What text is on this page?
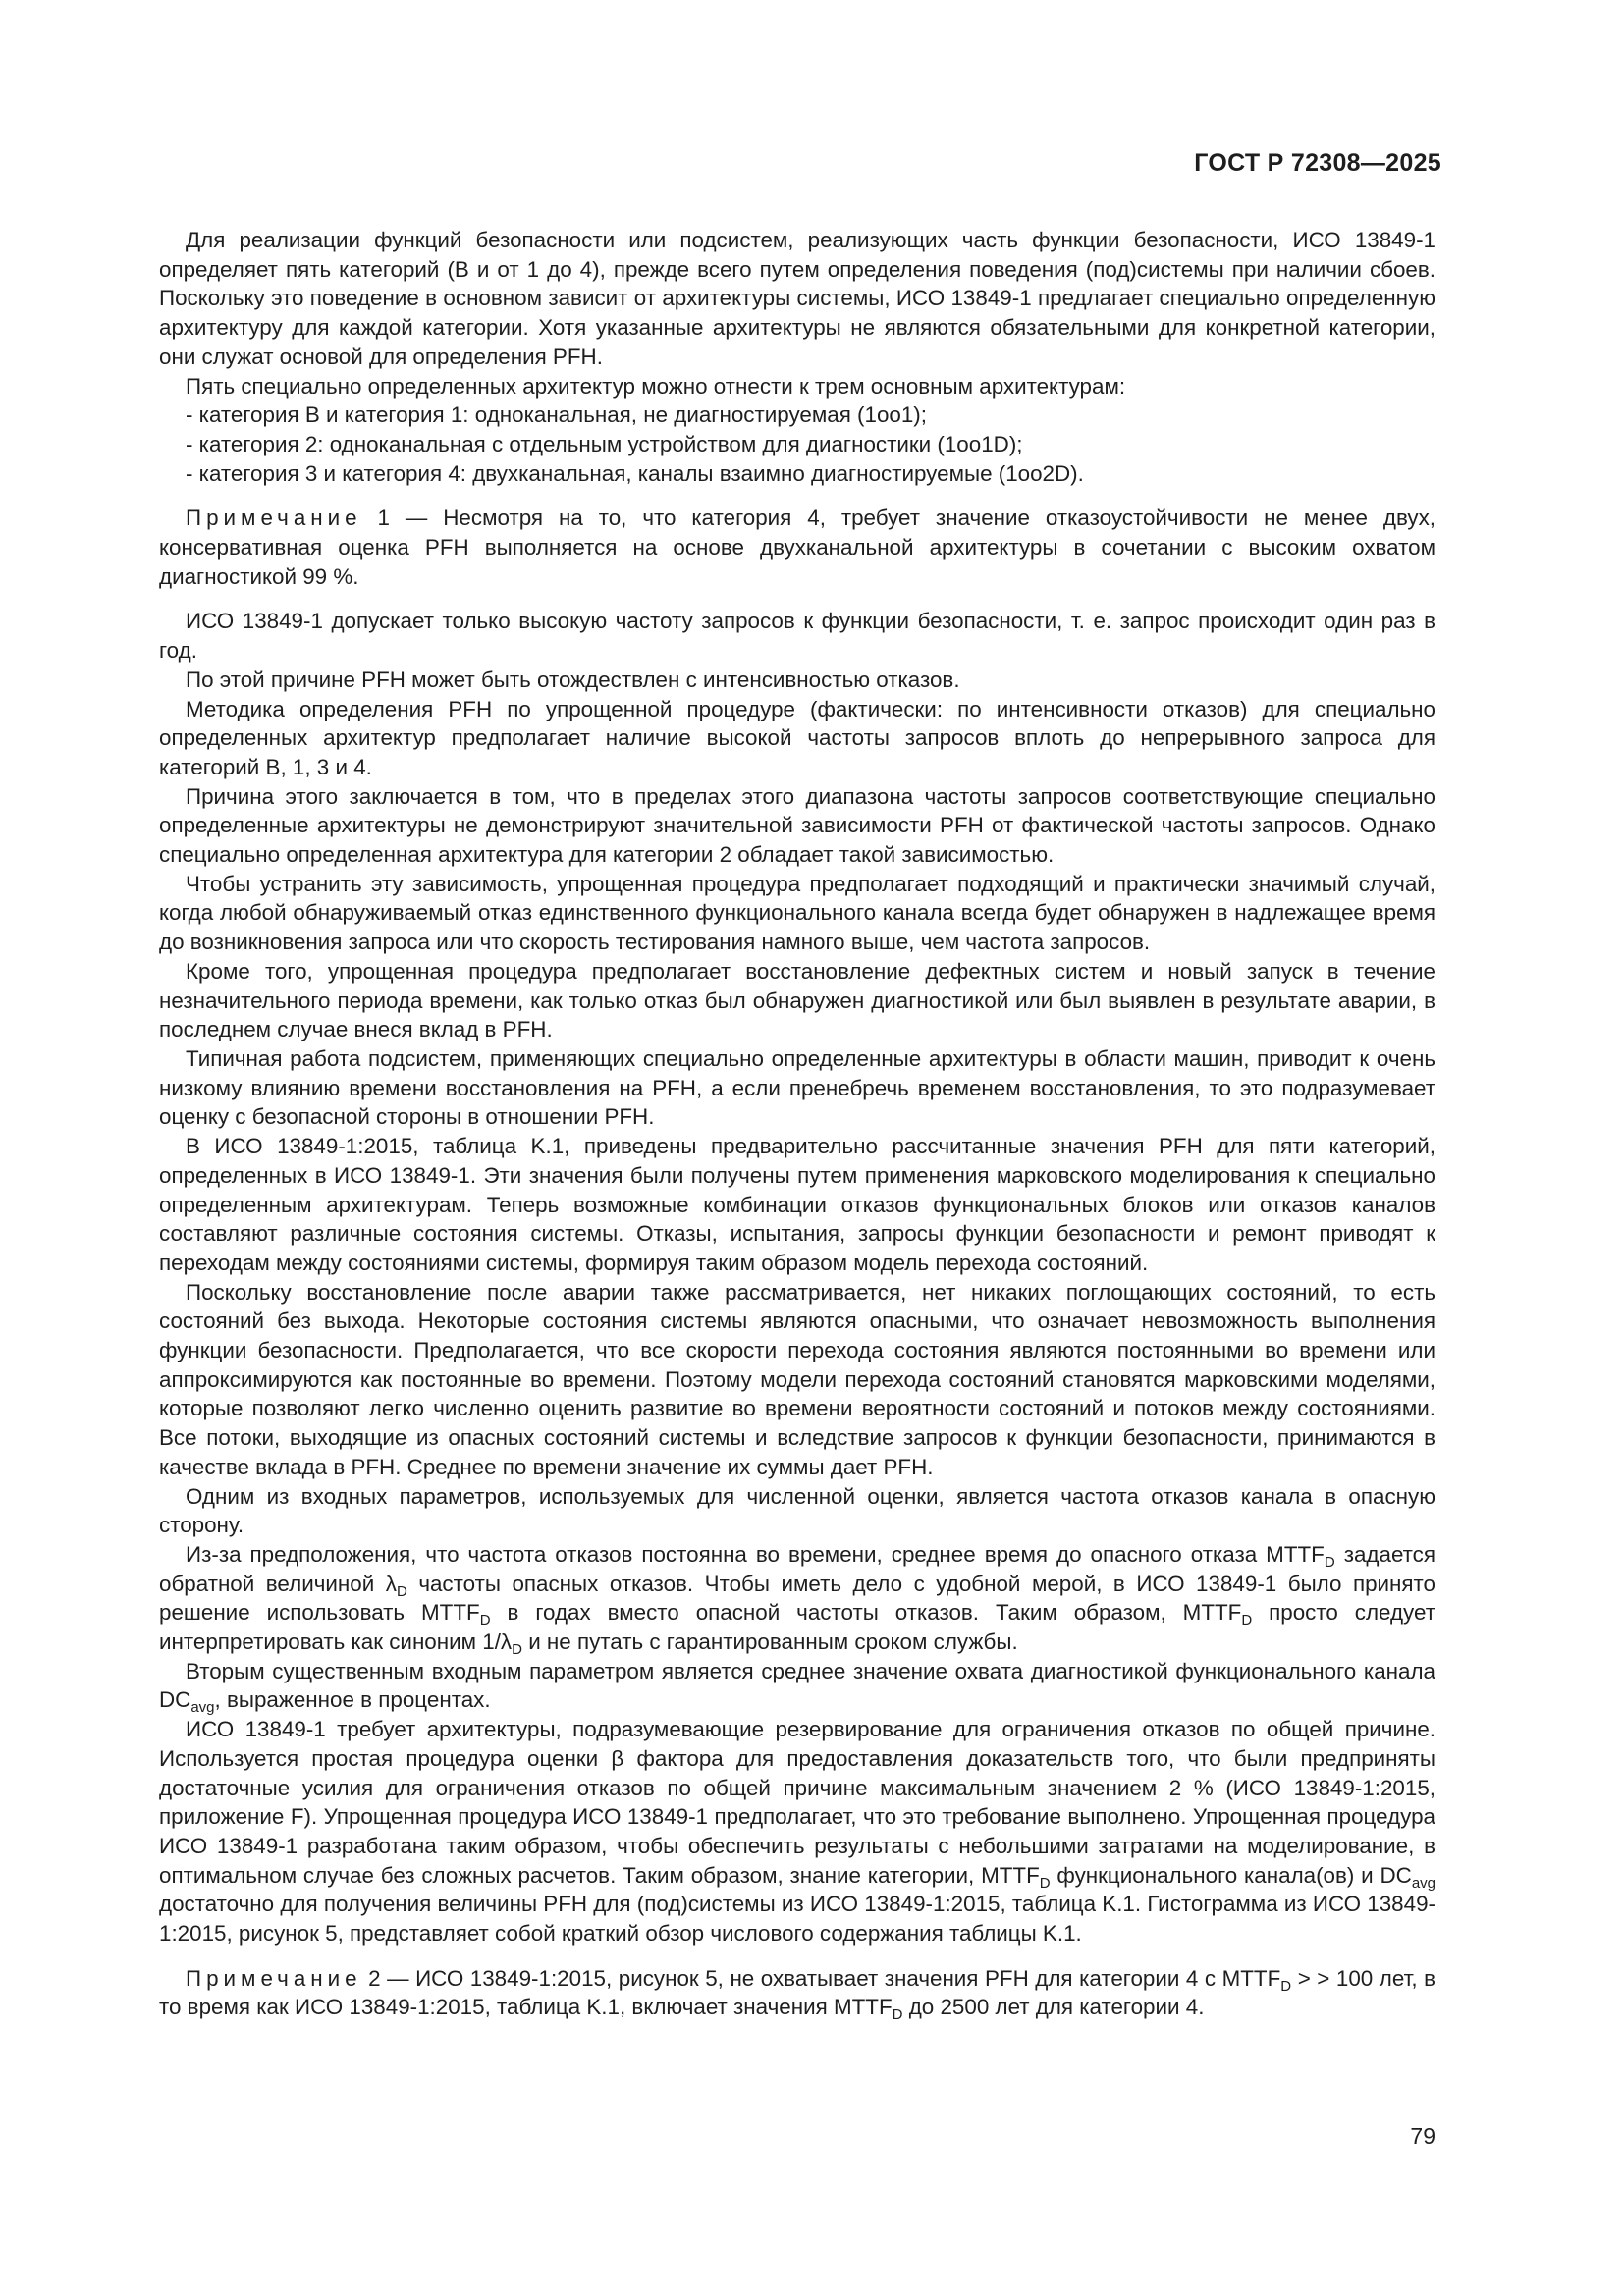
ГОСТ Р 72308—2025

Для реализации функций безопасности или подсистем, реализующих часть функции безопасности, ИСО 13849-1 определяет пять категорий (B и от 1 до 4), прежде всего путем определения поведения (под)системы при наличии сбоев. Поскольку это поведение в основном зависит от архитектуры системы, ИСО 13849-1 предлагает специально определенную архитектуру для каждой категории. Хотя указанные архитектуры не являются обязательными для конкретной категории, они служат основой для определения PFH.

Пять специально определенных архитектур можно отнести к трем основным архитектурам:

- категория B и категория 1: одноканальная, не диагностируемая (1oo1);

- категория 2: одноканальная с отдельным устройством для диагностики (1oo1D);

- категория 3 и категория 4: двухканальная, каналы взаимно диагностируемые (1oo2D).

Примечание 1 — Несмотря на то, что категория 4, требует значение отказоустойчивости не менее двух, консервативная оценка PFH выполняется на основе двухканальной архитектуры в сочетании с высоким охватом диагностикой 99 %.

ИСО 13849-1 допускает только высокую частоту запросов к функции безопасности, т. е. запрос происходит один раз в год.

По этой причине PFH может быть отождествлен с интенсивностью отказов.

Методика определения PFH по упрощенной процедуре (фактически: по интенсивности отказов) для специально определенных архитектур предполагает наличие высокой частоты запросов вплоть до непрерывного запроса для категорий B, 1, 3 и 4.

Причина этого заключается в том, что в пределах этого диапазона частоты запросов соответствующие специально определенные архитектуры не демонстрируют значительной зависимости PFH от фактической частоты запросов. Однако специально определенная архитектура для категории 2 обладает такой зависимостью.

Чтобы устранить эту зависимость, упрощенная процедура предполагает подходящий и практически значимый случай, когда любой обнаруживаемый отказ единственного функционального канала всегда будет обнаружен в надлежащее время до возникновения запроса или что скорость тестирования намного выше, чем частота запросов.

Кроме того, упрощенная процедура предполагает восстановление дефектных систем и новый запуск в течение незначительного периода времени, как только отказ был обнаружен диагностикой или был выявлен в результате аварии, в последнем случае внеся вклад в PFH.

Типичная работа подсистем, применяющих специально определенные архитектуры в области машин, приводит к очень низкому влиянию времени восстановления на PFH, а если пренебречь временем восстановления, то это подразумевает оценку с безопасной стороны в отношении PFH.

В ИСО 13849-1:2015, таблица K.1, приведены предварительно рассчитанные значения PFH для пяти категорий, определенных в ИСО 13849-1. Эти значения были получены путем применения марковского моделирования к специально определенным архитектурам. Теперь возможные комбинации отказов функциональных блоков или отказов каналов составляют различные состояния системы. Отказы, испытания, запросы функции безопасности и ремонт приводят к переходам между состояниями системы, формируя таким образом модель перехода состояний.

Поскольку восстановление после аварии также рассматривается, нет никаких поглощающих состояний, то есть состояний без выхода. Некоторые состояния системы являются опасными, что означает невозможность выполнения функции безопасности. Предполагается, что все скорости перехода состояния являются постоянными во времени или аппроксимируются как постоянные во времени. Поэтому модели перехода состояний становятся марковскими моделями, которые позволяют легко численно оценить развитие во времени вероятности состояний и потоков между состояниями. Все потоки, выходящие из опасных состояний системы и вследствие запросов к функции безопасности, принимаются в качестве вклада в PFH. Среднее по времени значение их суммы дает PFH.

Одним из входных параметров, используемых для численной оценки, является частота отказов канала в опасную сторону.

Из-за предположения, что частота отказов постоянна во времени, среднее время до опасного отказа $MTTF_D$ задается обратной величиной $\lambda_D$ частоты опасных отказов. Чтобы иметь дело с удобной мерой, в ИСО 13849-1 было принято решение использовать $MTTF_D$ в годах вместо опасной частоты отказов. Таким образом, $MTTF_D$ просто следует интерпретировать как синоним $1/\lambda_D$ и не путать с гарантированным сроком службы.

Вторым существенным входным параметром является среднее значение охвата диагностикой функционального канала $DC_{avg}$, выраженное в процентах.

ИСО 13849-1 требует архитектуры, подразумевающие резервирование для ограничения отказов по общей причине. Используется простая процедура оценки β фактора для предоставления доказательств того, что были предприняты достаточные усилия для ограничения отказов по общей причине максимальным значением 2 % (ИСО 13849-1:2015, приложение F). Упрощенная процедура ИСО 13849-1 предполагает, что это требование выполнено. Упрощенная процедура ИСО 13849-1 разработана таким образом, чтобы обеспечить результаты с небольшими затратами на моделирование, в оптимальном случае без сложных расчетов. Таким образом, знание категории, $MTTF_D$ функционального канала(ов) и $DC_{avg}$ достаточно для получения величины PFH для (под)системы из ИСО 13849-1:2015, таблица K.1. Гистограмма из ИСО 13849-1:2015, рисунок 5, представляет собой краткий обзор числового содержания таблицы K.1.

Примечание 2 — ИСО 13849-1:2015, рисунок 5, не охватывает значения PFH для категории 4 с $MTTF_D$ > > 100 лет, в то время как ИСО 13849-1:2015, таблица K.1, включает значения $MTTF_D$ до 2500 лет для категории 4.

79
